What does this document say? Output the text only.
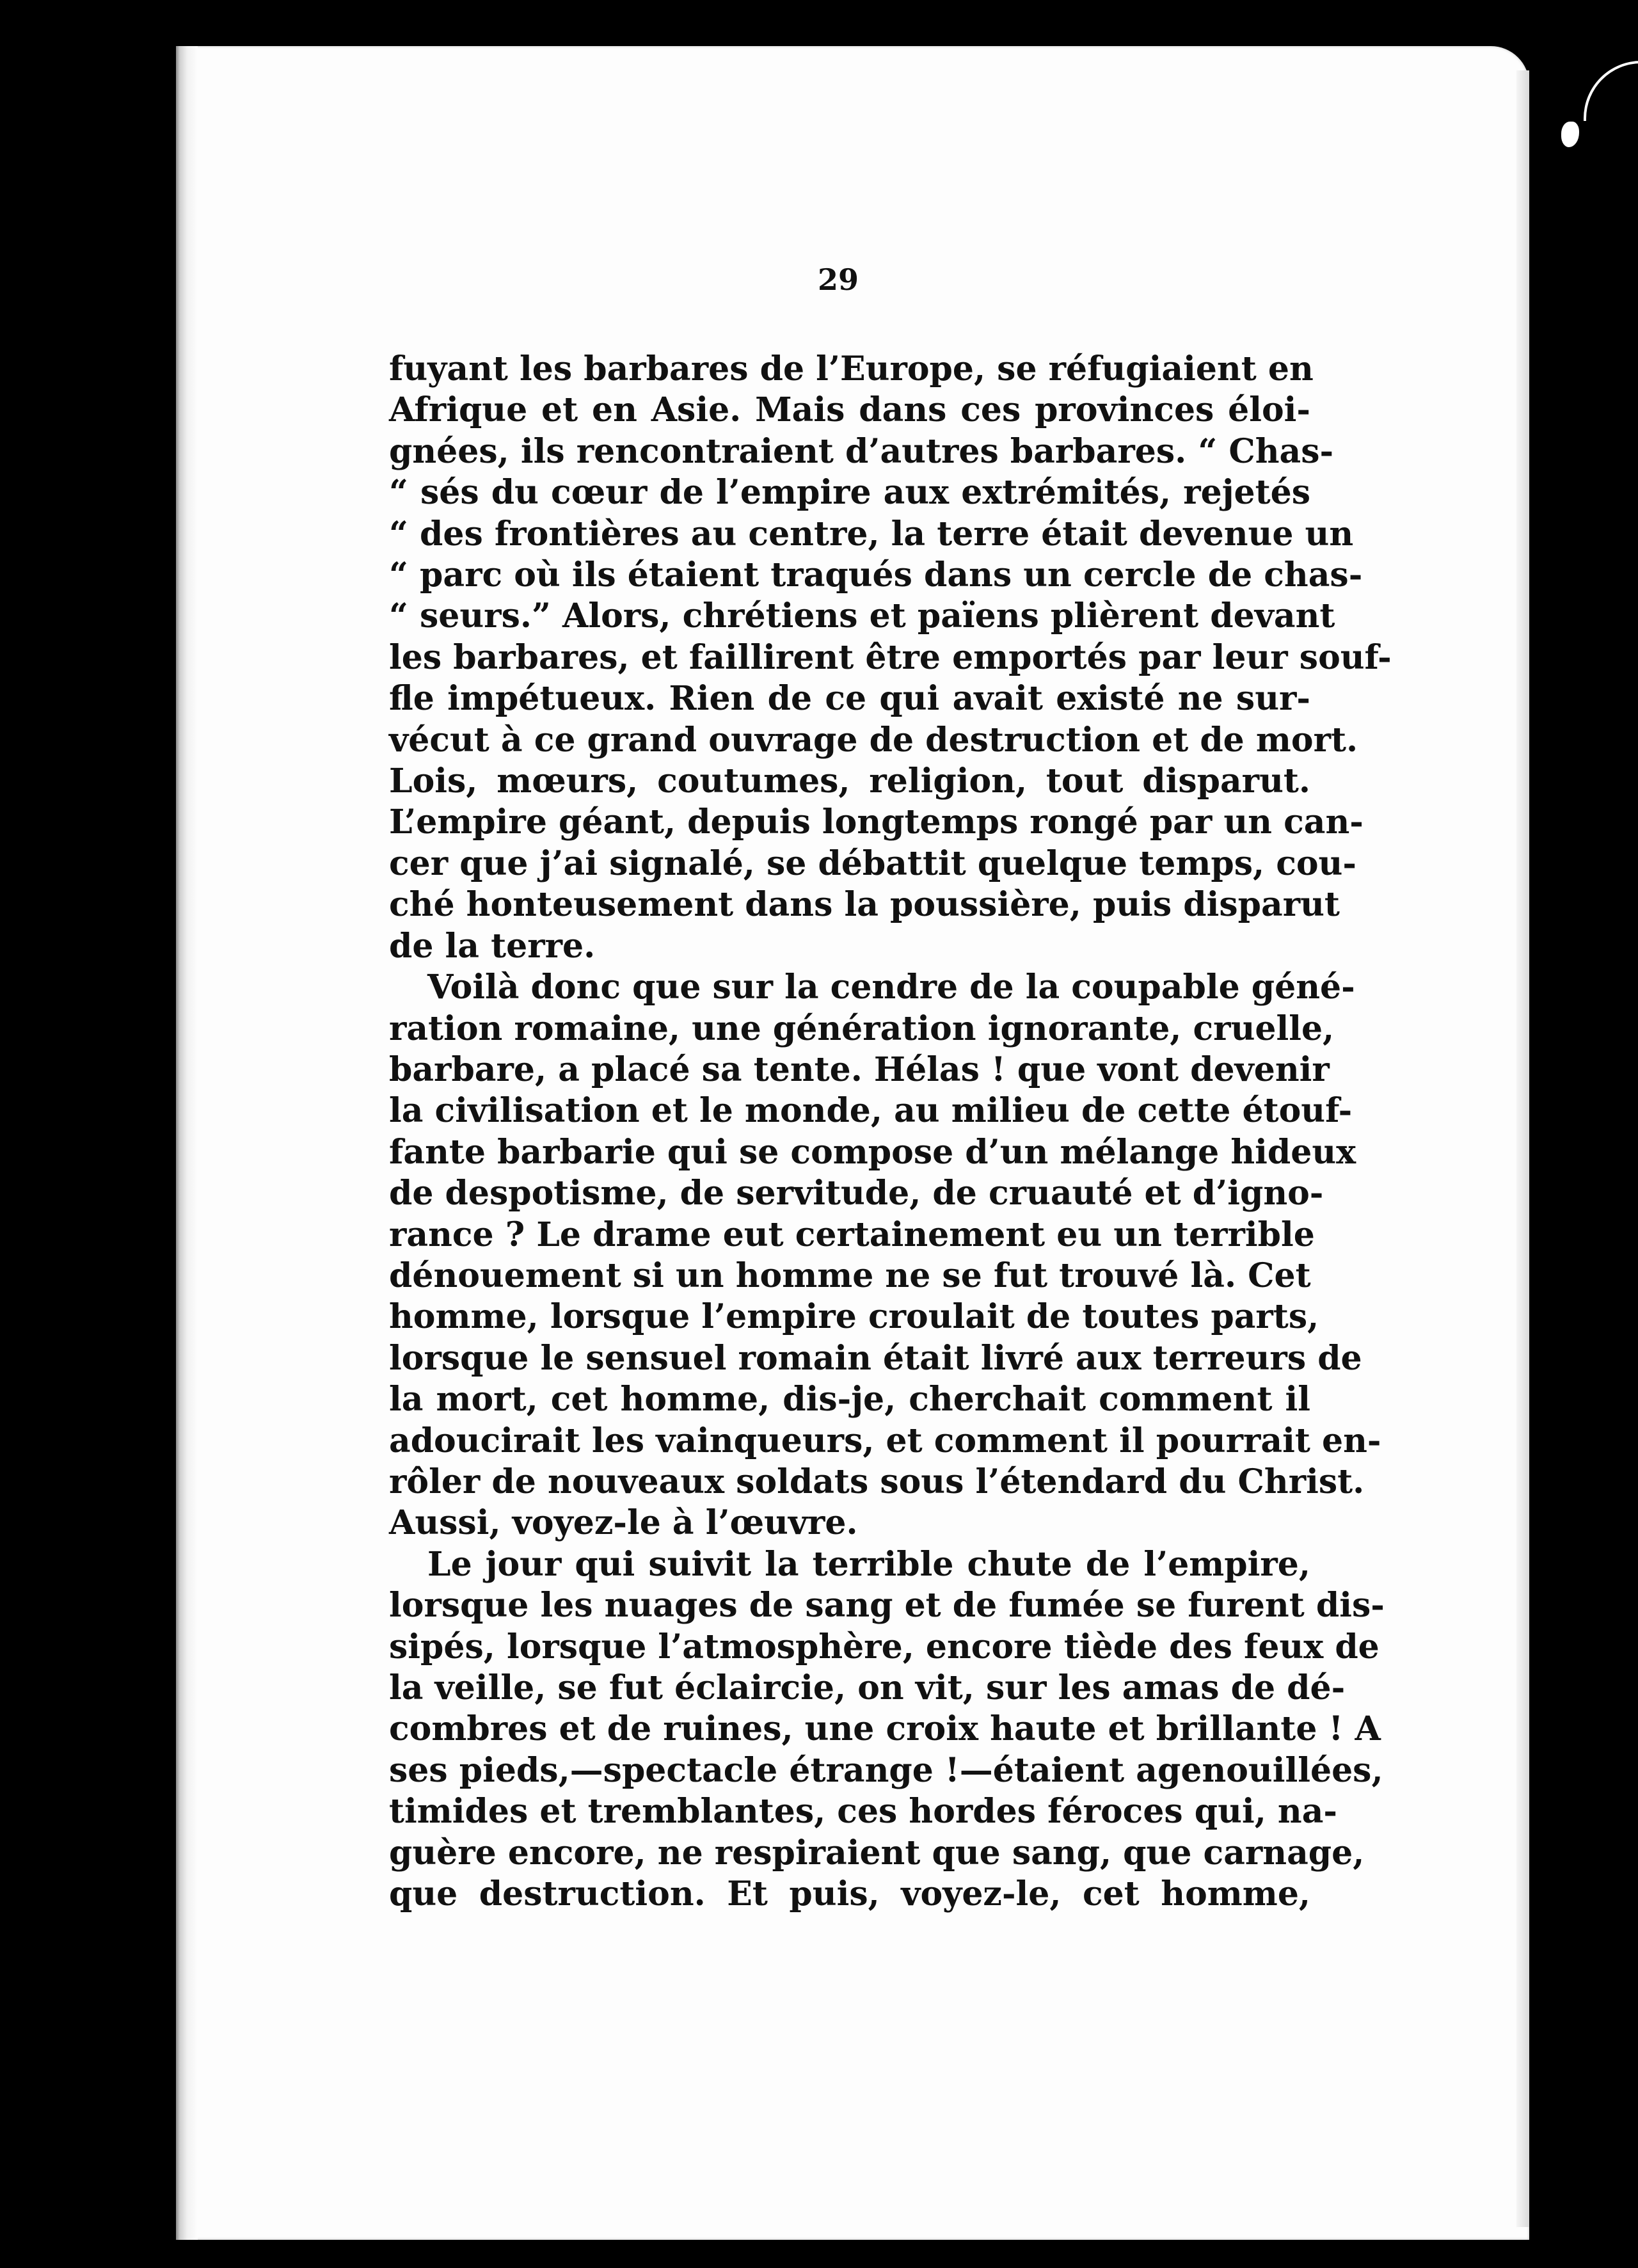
29
fuyant les barbares de l’Europe, se réfugiaient en
Afrique et en Asie. Mais dans ces provinces éloi-
gnées, ils rencontraient d’autres barbares. “ Chas-
“ sés du cœur de l’empire aux extrémités, rejetés
“ des frontières au centre, la terre était devenue un
“ parc où ils étaient traqués dans un cercle de chas-
“ seurs.” Alors, chrétiens et païens plièrent devant
les barbares, et faillirent être emportés par leur souf-
fle impétueux. Rien de ce qui avait existé ne sur-
vécut à ce grand ouvrage de destruction et de mort.
Lois, mœurs, coutumes, religion, tout disparut.
L’empire géant, depuis longtemps rongé par un can-
cer que j’ai signalé, se débattit quelque temps, cou-
ché honteusement dans la poussière, puis disparut
de la terre.
Voilà donc que sur la cendre de la coupable géné-
ration romaine, une génération ignorante, cruelle,
barbare, a placé sa tente. Hélas ! que vont devenir
la civilisation et le monde, au milieu de cette étouf-
fante barbarie qui se compose d’un mélange hideux
de despotisme, de servitude, de cruauté et d’igno-
rance ? Le drame eut certainement eu un terrible
dénouement si un homme ne se fut trouvé là. Cet
homme, lorsque l’empire croulait de toutes parts,
lorsque le sensuel romain était livré aux terreurs de
la mort, cet homme, dis-je, cherchait comment il
adoucirait les vainqueurs, et comment il pourrait en-
rôler de nouveaux soldats sous l’étendard du Christ.
Aussi, voyez-le à l’œuvre.
Le jour qui suivit la terrible chute de l’empire,
lorsque les nuages de sang et de fumée se furent dis-
sipés, lorsque l’atmosphère, encore tiède des feux de
la veille, se fut éclaircie, on vit, sur les amas de dé-
combres et de ruines, une croix haute et brillante ! A
ses pieds,—spectacle étrange !—étaient agenouillées,
timides et tremblantes, ces hordes féroces qui, na-
guère encore, ne respiraient que sang, que carnage,
que destruction. Et puis, voyez-le, cet homme,
